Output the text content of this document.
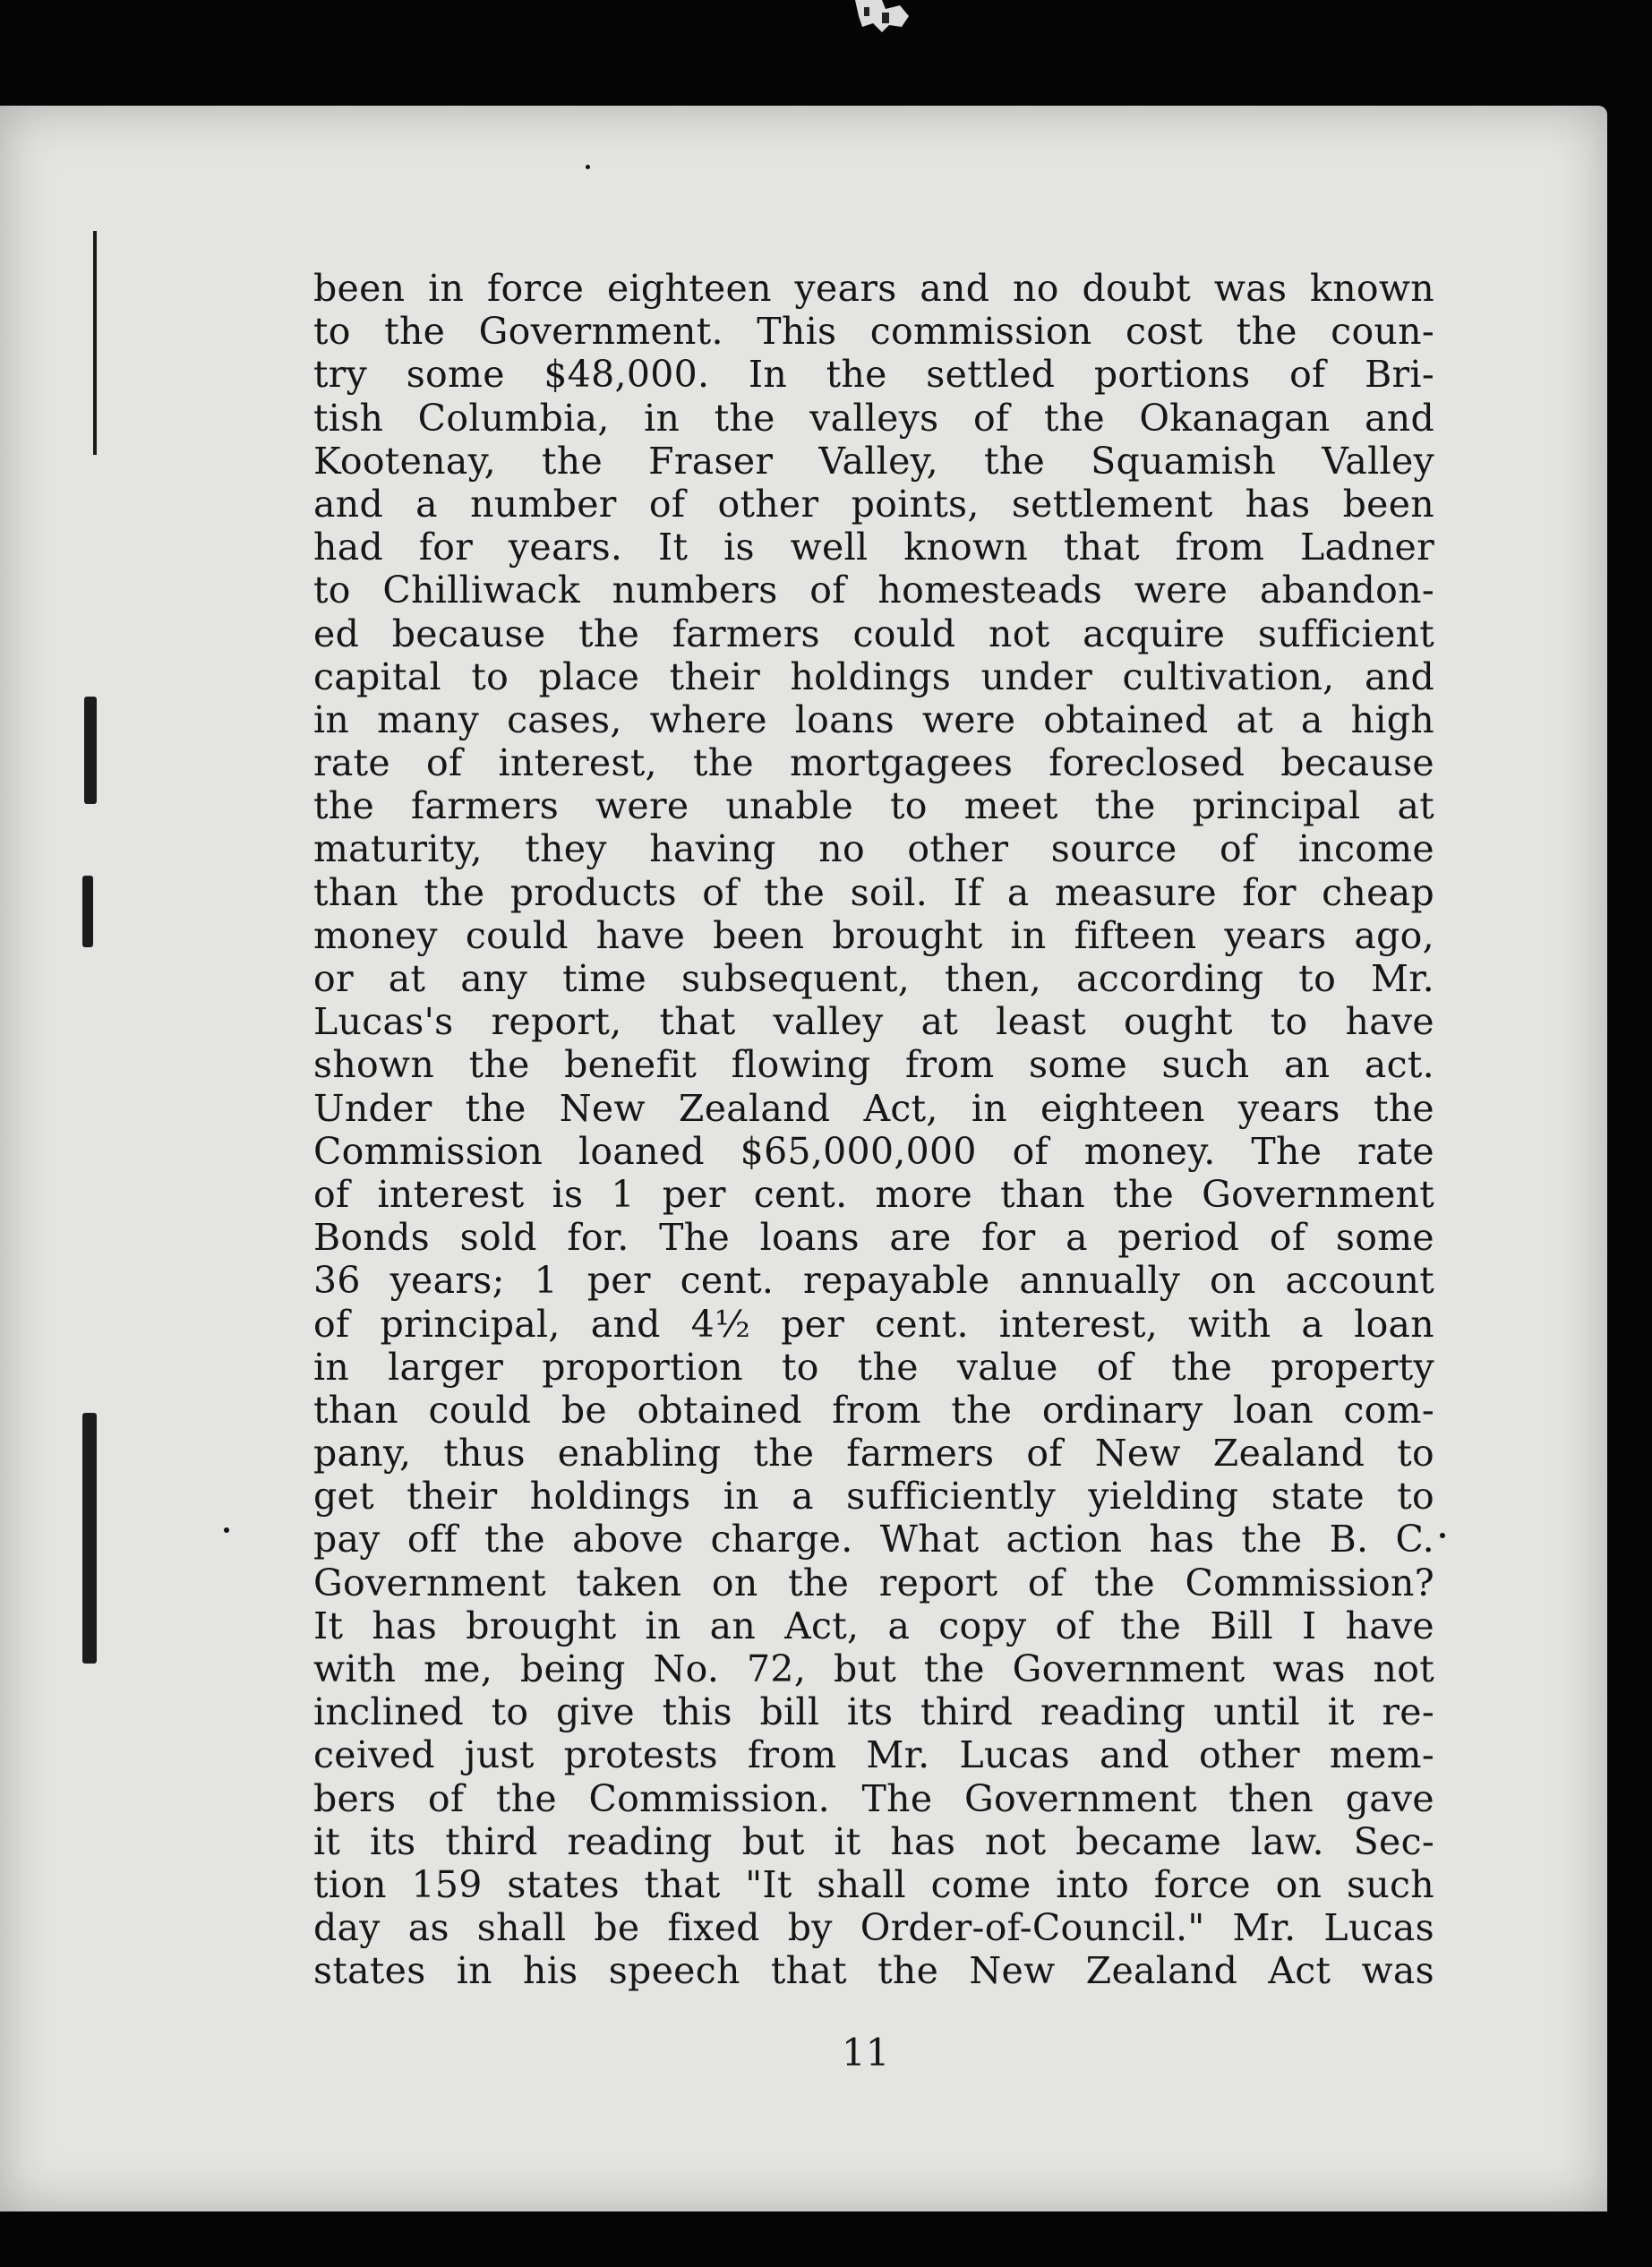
been in force eighteen years and no doubt was known
to the Government. This commission cost the coun-
try some $48,000. In the settled portions of Bri-
tish Columbia, in the valleys of the Okanagan and
Kootenay, the Fraser Valley, the Squamish Valley
and a number of other points, settlement has been
had for years. It is well known that from Ladner
to Chilliwack numbers of homesteads were abandon-
ed because the farmers could not acquire sufficient
capital to place their holdings under cultivation, and
in many cases, where loans were obtained at a high
rate of interest, the mortgagees foreclosed because
the farmers were unable to meet the principal at
maturity, they having no other source of income
than the products of the soil. If a measure for cheap
money could have been brought in fifteen years ago,
or at any time subsequent, then, according to Mr.
Lucas's report, that valley at least ought to have
shown the benefit flowing from some such an act.
Under the New Zealand Act, in eighteen years the
Commission loaned $65,000,000 of money. The rate
of interest is 1 per cent. more than the Government
Bonds sold for. The loans are for a period of some
36 years; 1 per cent. repayable annually on account
of principal, and 4½ per cent. interest, with a loan
in larger proportion to the value of the property
than could be obtained from the ordinary loan com-
pany, thus enabling the farmers of New Zealand to
get their holdings in a sufficiently yielding state to
pay off the above charge. What action has the B. C.
Government taken on the report of the Commission?
It has brought in an Act, a copy of the Bill I have
with me, being No. 72, but the Government was not
inclined to give this bill its third reading until it re-
ceived just protests from Mr. Lucas and other mem-
bers of the Commission. The Government then gave
it its third reading but it has not became law. Sec-
tion 159 states that "It shall come into force on such
day as shall be fixed by Order-of-Council." Mr. Lucas
states in his speech that the New Zealand Act was
11
